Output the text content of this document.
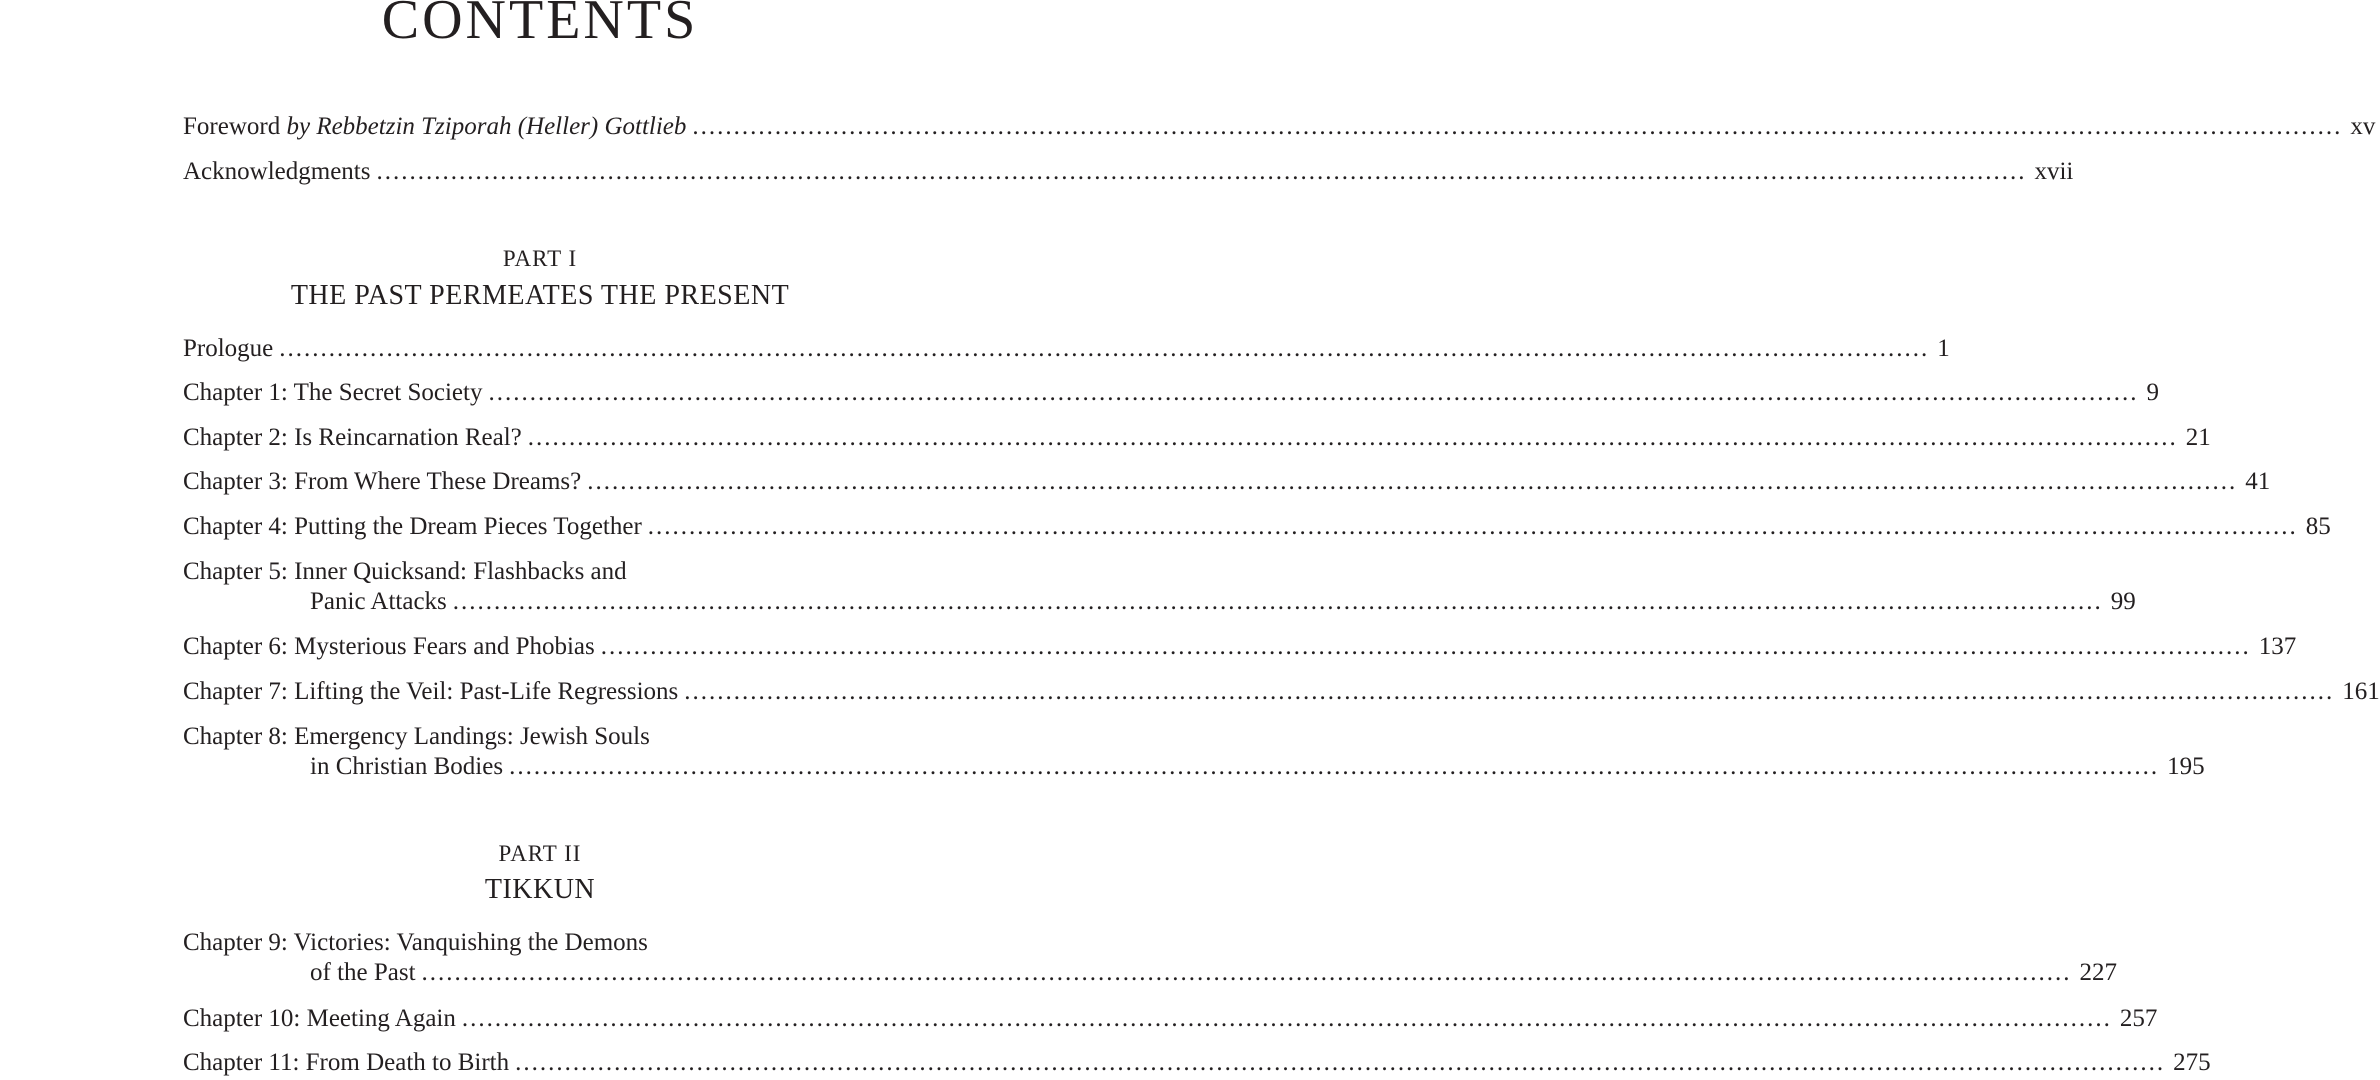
CONTENTS
Foreword by Rebbetzin Tziporah (Heller) Gottlieb ........................................................................................................................................................................................................ xv
Acknowledgments ........................................................................................................................................................................................................ xvii
PART I
THE PAST PERMEATES THE PRESENT
Prologue ........................................................................................................................................................................................................ 1
Chapter 1: The Secret Society ........................................................................................................................................................................................................ 9
Chapter 2: Is Reincarnation Real? ........................................................................................................................................................................................................ 21
Chapter 3: From Where These Dreams? ........................................................................................................................................................................................................ 41
Chapter 4: Putting the Dream Pieces Together ........................................................................................................................................................................................................ 85
Chapter 5: Inner Quicksand: Flashbacks and
Panic Attacks ........................................................................................................................................................................................................ 99
Chapter 6: Mysterious Fears and Phobias ........................................................................................................................................................................................................ 137
Chapter 7: Lifting the Veil: Past-Life Regressions ........................................................................................................................................................................................................ 161
Chapter 8: Emergency Landings: Jewish Souls
in Christian Bodies ........................................................................................................................................................................................................ 195
PART II
TIKKUN
Chapter 9: Victories: Vanquishing the Demons
of the Past ........................................................................................................................................................................................................ 227
Chapter 10: Meeting Again ........................................................................................................................................................................................................ 257
Chapter 11: From Death to Birth ........................................................................................................................................................................................................ 275
